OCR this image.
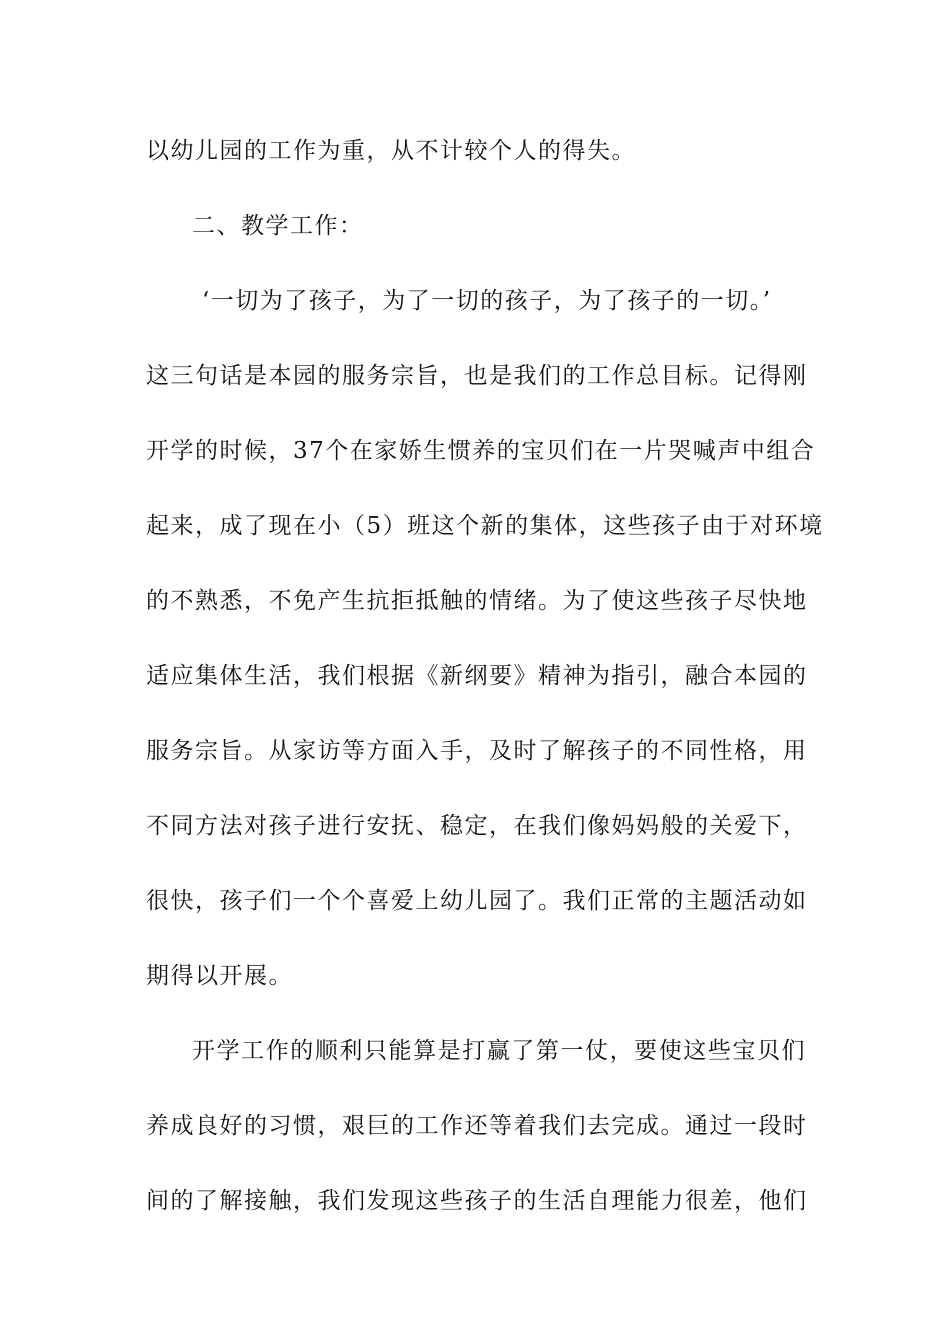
以幼儿园的工作为重，从不计较个人的得失。
二、教学工作：
‘一切为了孩子，为了一切的孩子，为了孩子的一切。’
这三句话是本园的服务宗旨，也是我们的工作总目标。记得刚
开学的时候，37个在家娇生惯养的宝贝们在一片哭喊声中组合
起来，成了现在小（5）班这个新的集体，这些孩子由于对环境
的不熟悉，不免产生抗拒抵触的情绪。为了使这些孩子尽快地
适应集体生活，我们根据《新纲要》精神为指引，融合本园的
服务宗旨。从家访等方面入手，及时了解孩子的不同性格，用
不同方法对孩子进行安抚、稳定，在我们像妈妈般的关爱下，
很快，孩子们一个个喜爱上幼儿园了。我们正常的主题活动如
期得以开展。
开学工作的顺利只能算是打赢了第一仗，要使这些宝贝们
养成良好的习惯，艰巨的工作还等着我们去完成。通过一段时
间的了解接触，我们发现这些孩子的生活自理能力很差，他们
